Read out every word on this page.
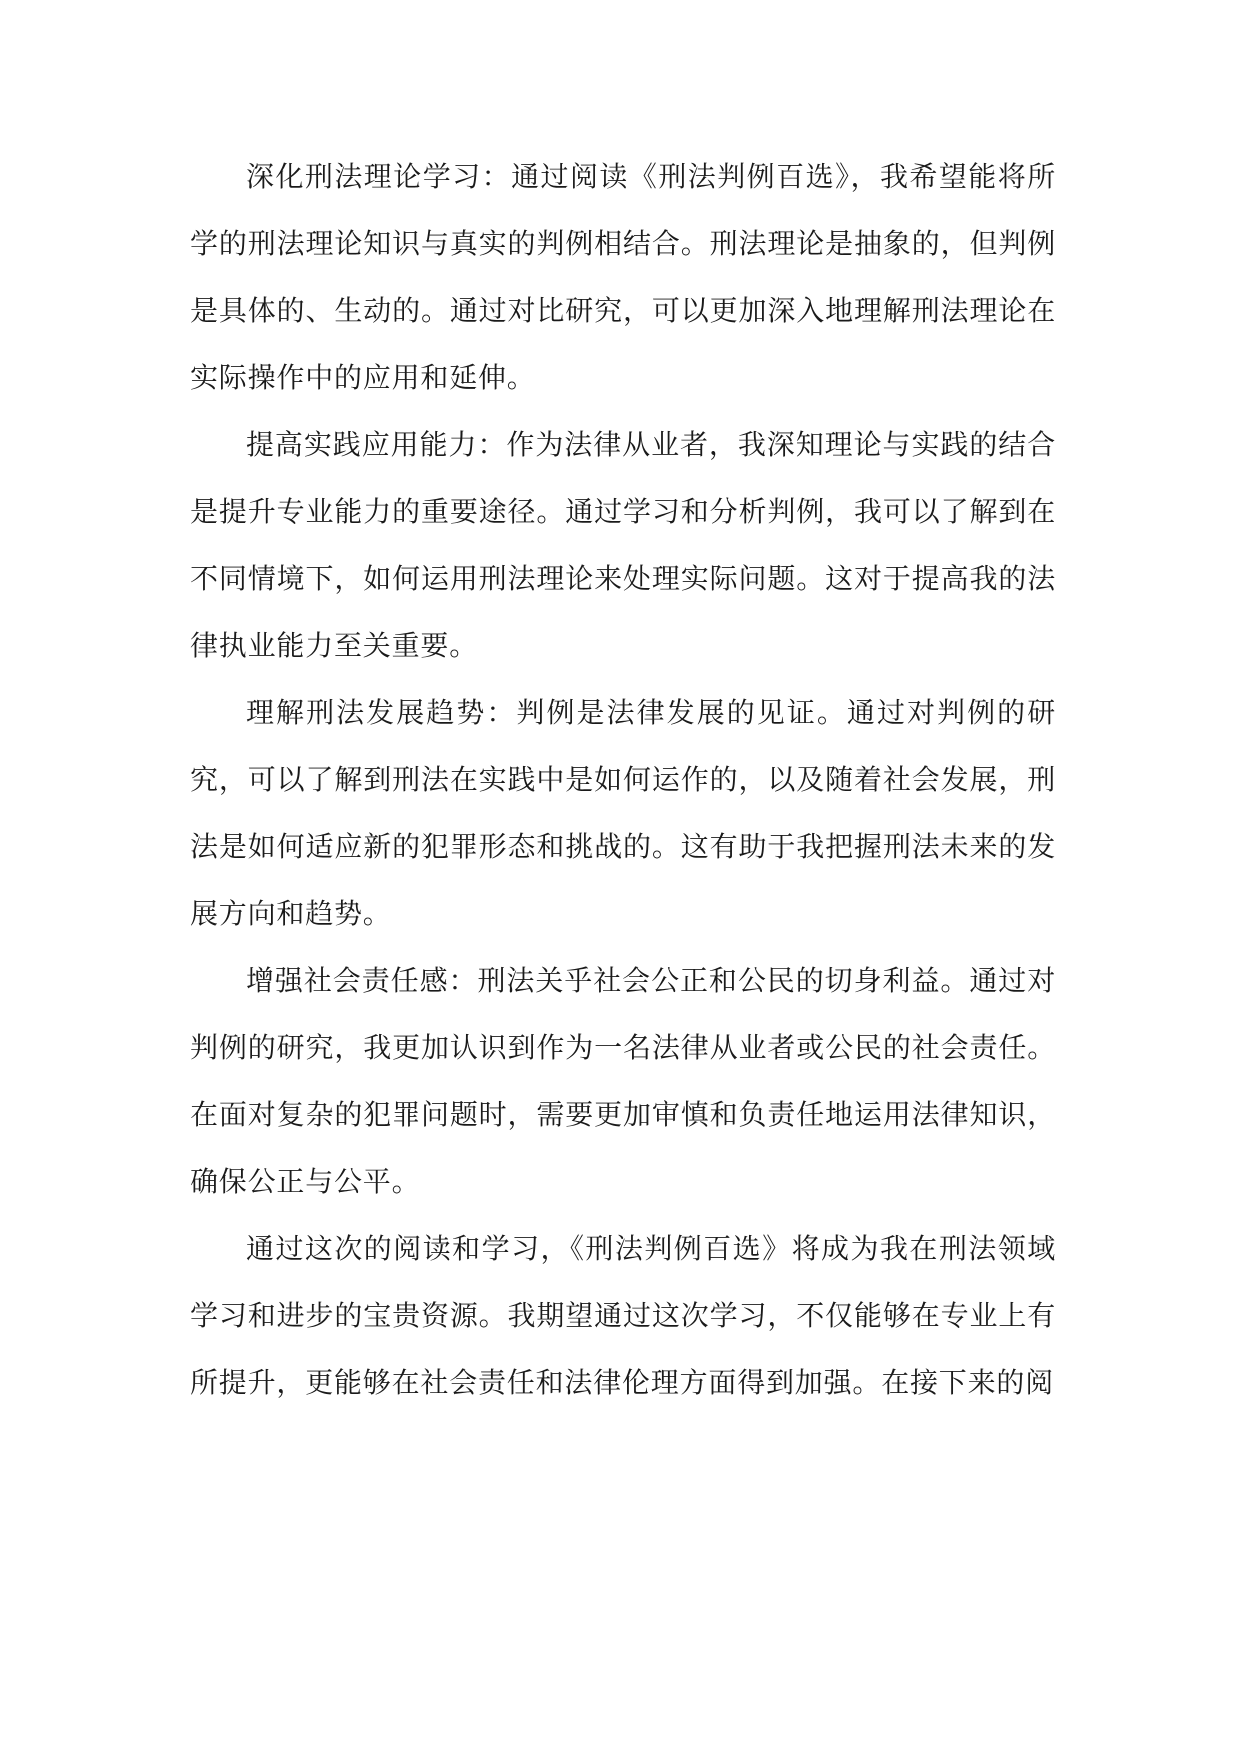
深化刑法理论学习：通过阅读《刑法判例百选》，我希望能将所学的刑法理论知识与真实的判例相结合。刑法理论是抽象的，但判例是具体的、生动的。通过对比研究，可以更加深入地理解刑法理论在实际操作中的应用和延伸。

提高实践应用能力：作为法律从业者，我深知理论与实践的结合是提升专业能力的重要途径。通过学习和分析判例，我可以了解到在不同情境下，如何运用刑法理论来处理实际问题。这对于提高我的法律执业能力至关重要。

理解刑法发展趋势：判例是法律发展的见证。通过对判例的研究，可以了解到刑法在实践中是如何运作的，以及随着社会发展，刑法是如何适应新的犯罪形态和挑战的。这有助于我把握刑法未来的发展方向和趋势。

增强社会责任感：刑法关乎社会公正和公民的切身利益。通过对判例的研究，我更加认识到作为一名法律从业者或公民的社会责任。在面对复杂的犯罪问题时，需要更加审慎和负责任地运用法律知识，确保公正与公平。

通过这次的阅读和学习，《刑法判例百选》将成为我在刑法领域学习和进步的宝贵资源。我期望通过这次学习，不仅能够在专业上有所提升，更能够在社会责任和法律伦理方面得到加强。在接下来的阅
